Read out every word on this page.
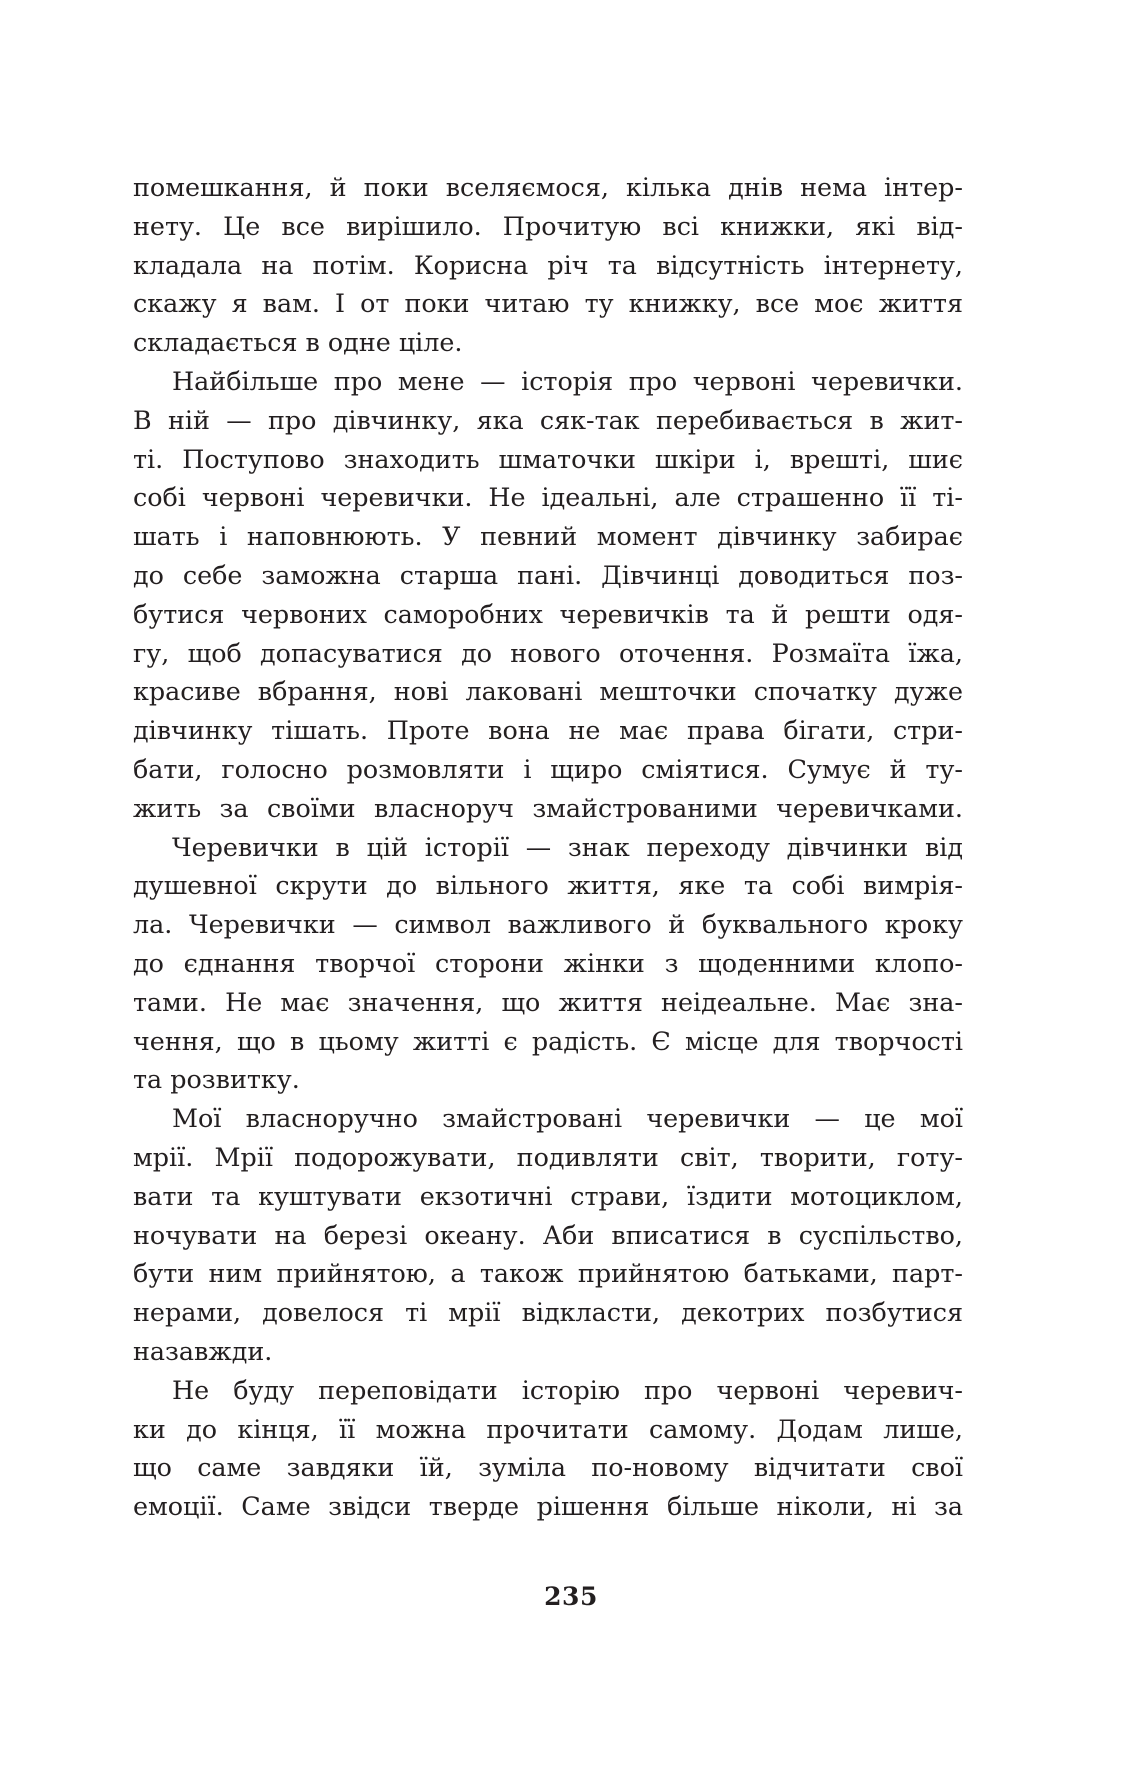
помешкання, й поки вселяємося, кілька днів нема інтер-
нету. Це все вирішило. Прочитую всі книжки, які від-
кладала на потім. Корисна річ та відсутність інтернету,
скажу я вам. І от поки читаю ту книжку, все моє життя
складається в одне ціле.
Найбільше про мене — історія про червоні черевички.
В ній — про дівчинку, яка сяк-так перебивається в жит-
ті. Поступово знаходить шматочки шкіри і, врешті, шиє
собі червоні черевички. Не ідеальні, але страшенно її ті-
шать і наповнюють. У певний момент дівчинку забирає
до себе заможна старша пані. Дівчинці доводиться поз-
бутися червоних саморобних черевичків та й решти одя-
гу, щоб допасуватися до нового оточення. Розмаїта їжа,
красиве вбрання, нові лаковані мешточки спочатку дуже
дівчинку тішать. Проте вона не має права бігати, стри-
бати, голосно розмовляти і щиро сміятися. Сумує й ту-
жить за своїми власноруч змайстрованими черевичками.
Черевички в цій історії — знак переходу дівчинки від
душевної скрути до вільного життя, яке та собі вимрія-
ла. Черевички — символ важливого й буквального кроку
до єднання творчої сторони жінки з щоденними клопо-
тами. Не має значення, що життя неідеальне. Має зна-
чення, що в цьому житті є радість. Є місце для творчості
та розвитку.
Мої власноручно змайстровані черевички — це мої
мрії. Мрії подорожувати, подивляти світ, творити, готу-
вати та куштувати екзотичні страви, їздити мотоциклом,
ночувати на березі океану. Аби вписатися в суспільство,
бути ним прийнятою, а також прийнятою батьками, парт-
нерами, довелося ті мрії відкласти, декотрих позбутися
назавжди.
Не буду переповідати історію про червоні черевич-
ки до кінця, її можна прочитати самому. Додам лише,
що саме завдяки їй, зуміла по-новому відчитати свої
емоції. Саме звідси тверде рішення більше ніколи, ні за
235
